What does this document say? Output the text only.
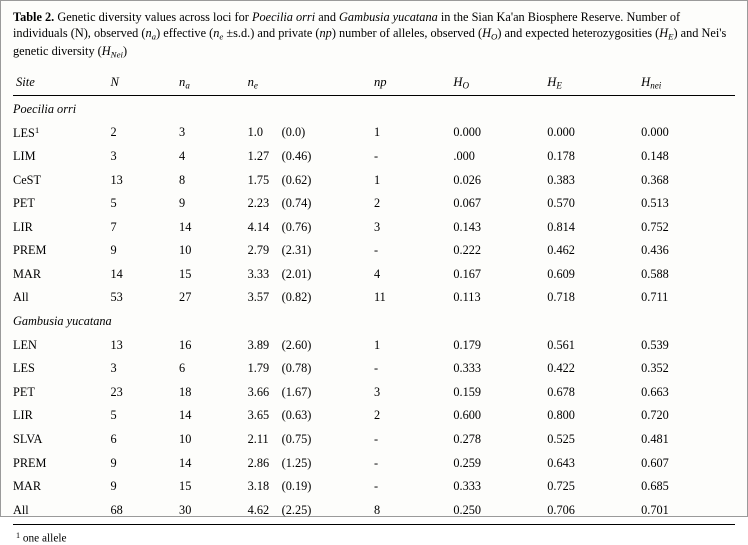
Table 2. Genetic diversity values across loci for Poecilia orri and Gambusia yucatana in the Sian Ka'an Biosphere Reserve. Number of individuals (N), observed $(n_a)$ effective $(n_e \pm s.d.)$ and private (np) number of alleles, observed $(H_O)$ and expected heterozygosities $(H_E)$ and Nei's genetic diversity $(H_{Nei})$

Site	N	$n_a$	$n_e$	np	$H_O$	$H_E$	$H_{nei}$
Poecilia orri							
LES$^1$	2	3	1.0 (0.0)	1	0.000	0.000	0.000
LIM	3	4	1.27 (0.46)	-	.000	0.178	0.148
CeST	13	8	1.75 (0.62)	1	0.026	0.383	0.368
PET	5	9	2.23 (0.74)	2	0.067	0.570	0.513
LIR	7	14	4.14 (0.76)	3	0.143	0.814	0.752
PREM	9	10	2.79 (2.31)	-	0.222	0.462	0.436
MAR	14	15	3.33 (2.01)	4	0.167	0.609	0.588
All	53	27	3.57 (0.82)	11	0.113	0.718	0.711
Gambusia yucatana							
LEN	13	16	3.89 (2.60)	1	0.179	0.561	0.539
LES	3	6	1.79 (0.78)	-	0.333	0.422	0.352
PET	23	18	3.66 (1.67)	3	0.159	0.678	0.663
LIR	5	14	3.65 (0.63)	2	0.600	0.800	0.720
SLVA	6	10	2.11 (0.75)	-	0.278	0.525	0.481
PREM	9	14	2.86 (1.25)	-	0.259	0.643	0.607
MAR	9	15	3.18 (0.19)	-	0.333	0.725	0.685
All	68	30	4.62 (2.25)	8	0.250	0.706	0.701
$^1$ one allele
